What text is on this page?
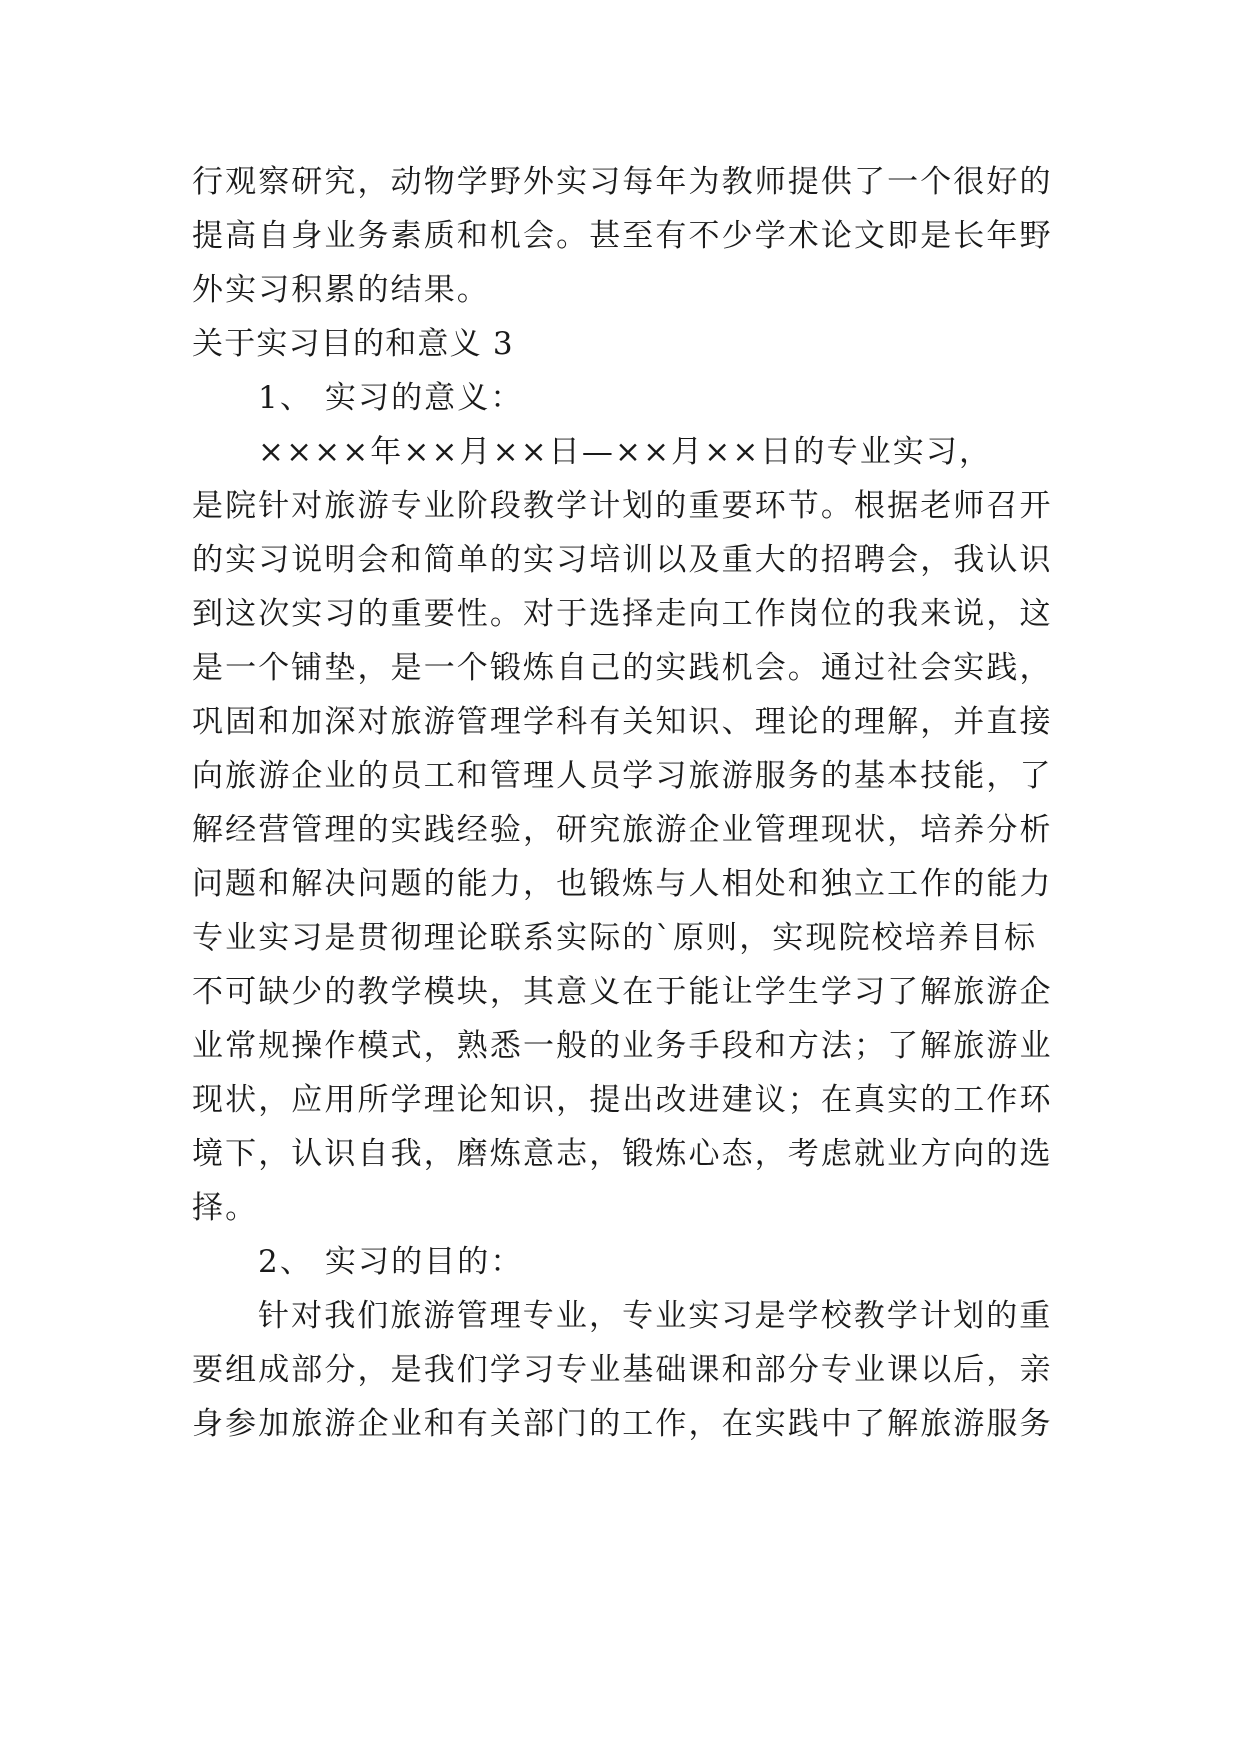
行观察研究，动物学野外实习每年为教师提供了一个很好的
提高自身业务素质和机会。甚至有不少学术论文即是长年野
外实习积累的结果。
关于实习目的和意义 3
1、 实习的意义：
××××年××月××日—××月××日的专业实习，
是院针对旅游专业阶段教学计划的重要环节。根据老师召开
的实习说明会和简单的实习培训以及重大的招聘会，我认识
到这次实习的重要性。对于选择走向工作岗位的我来说，这
是一个铺垫，是一个锻炼自己的实践机会。通过社会实践，
巩固和加深对旅游管理学科有关知识、理论的理解，并直接
向旅游企业的员工和管理人员学习旅游服务的基本技能，了
解经营管理的实践经验，研究旅游企业管理现状，培养分析
问题和解决问题的能力，也锻炼与人相处和独立工作的能力
专业实习是贯彻理论联系实际的`原则，实现院校培养目标
不可缺少的教学模块，其意义在于能让学生学习了解旅游企
业常规操作模式，熟悉一般的业务手段和方法；了解旅游业
现状，应用所学理论知识，提出改进建议；在真实的工作环
境下，认识自我，磨炼意志，锻炼心态，考虑就业方向的选
择。
2、 实习的目的：
针对我们旅游管理专业，专业实习是学校教学计划的重
要组成部分，是我们学习专业基础课和部分专业课以后，亲
身参加旅游企业和有关部门的工作，在实践中了解旅游服务
